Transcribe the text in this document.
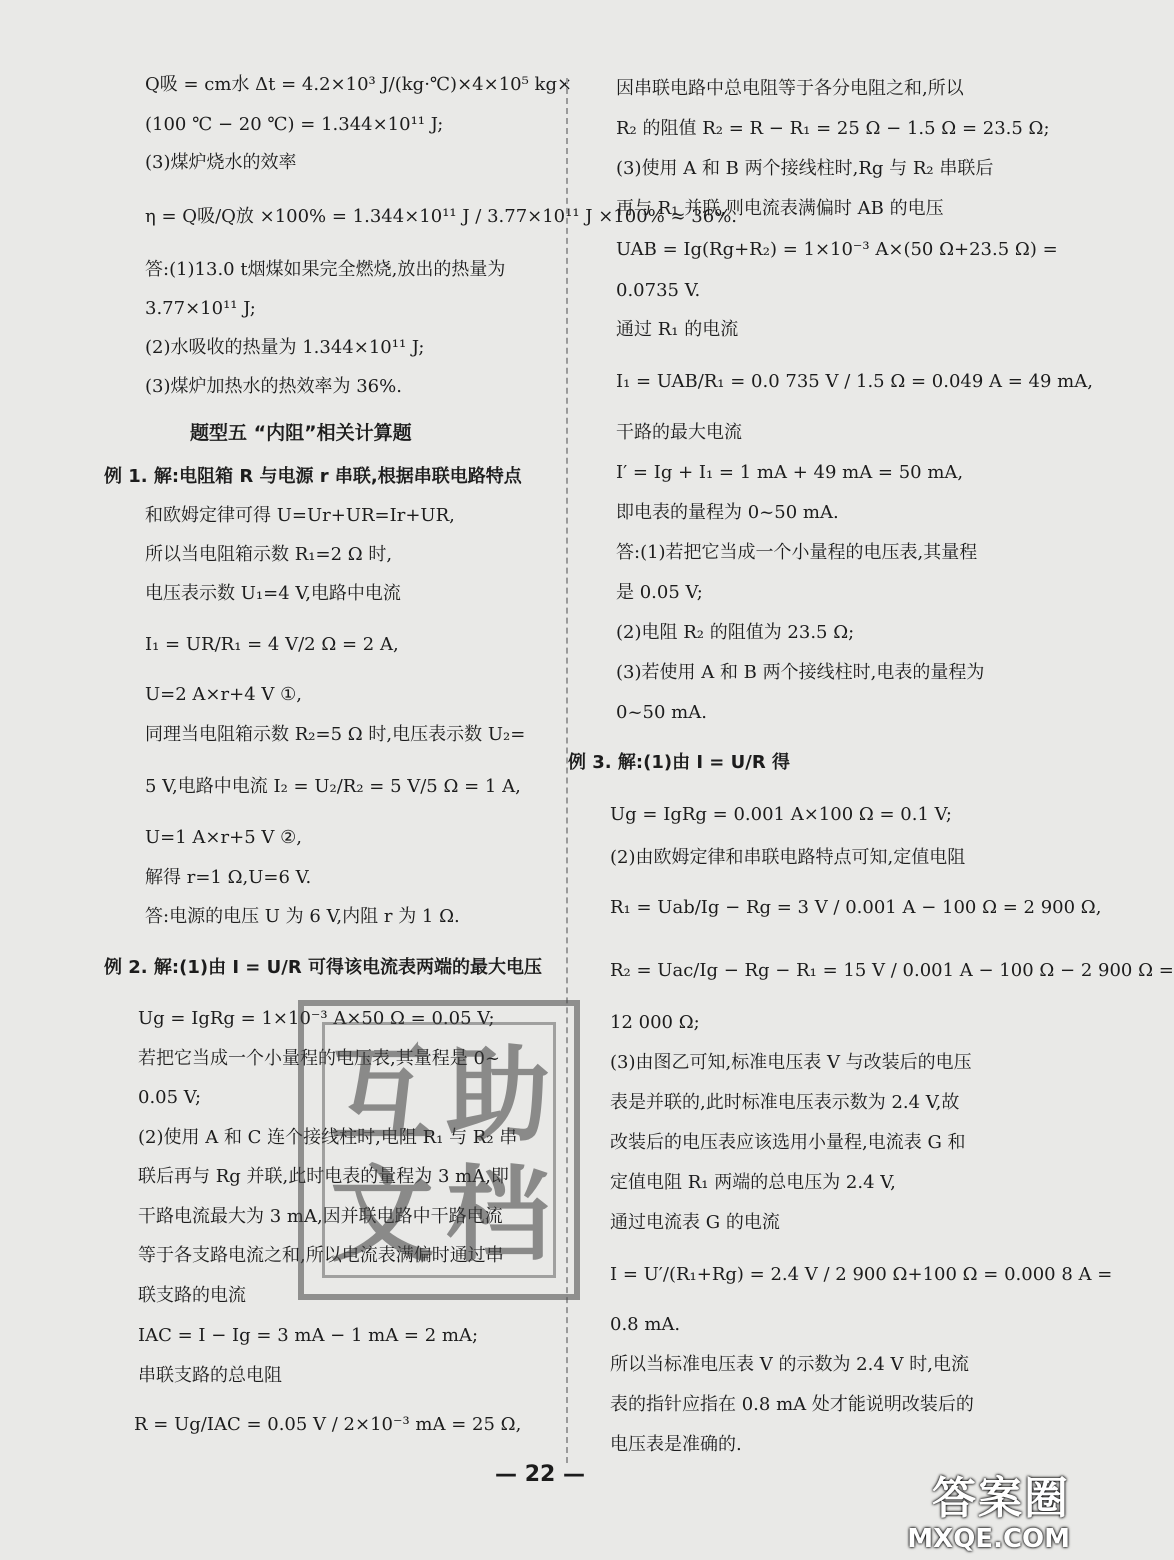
Q吸 = cm水 Δt = 4.2×10³ J/(kg·℃)×4×10⁵ kg×
(100 ℃ − 20 ℃) = 1.344×10¹¹ J;
(3)煤炉烧水的效率
η = Q吸/Q放 ×100% = 1.344×10¹¹ J / 3.77×10¹¹ J ×100% ≈ 36%.
答:(1)13.0 t烟煤如果完全燃烧,放出的热量为
3.77×10¹¹ J;
(2)水吸收的热量为 1.344×10¹¹ J;
(3)煤炉加热水的热效率为 36%.
题型五 “内阻”相关计算题
例 1. 解:电阻箱 R 与电源 r 串联,根据串联电路特点
和欧姆定律可得 U=Ur+UR=Ir+UR,
所以当电阻箱示数 R₁=2 Ω 时,
电压表示数 U₁=4 V,电路中电流
I₁ = UR/R₁ = 4 V/2 Ω = 2 A,
U=2 A×r+4 V ①,
同理当电阻箱示数 R₂=5 Ω 时,电压表示数 U₂=
5 V,电路中电流 I₂ = U₂/R₂ = 5 V/5 Ω = 1 A,
U=1 A×r+5 V ②,
解得 r=1 Ω,U=6 V.
答:电源的电压 U 为 6 V,内阻 r 为 1 Ω.
例 2. 解:(1)由 I = U/R 可得该电流表两端的最大电压
Ug = IgRg = 1×10⁻³ A×50 Ω = 0.05 V;
若把它当成一个小量程的电压表,其量程是 0~
0.05 V;
(2)使用 A 和 C 连个接线柱时,电阻 R₁ 与 R₂ 串
联后再与 Rg 并联,此时电表的量程为 3 mA,即
干路电流最大为 3 mA,因并联电路中干路电流
等于各支路电流之和,所以电流表满偏时通过串
联支路的电流
IAC = I − Ig = 3 mA − 1 mA = 2 mA;
串联支路的总电阻
R = Ug/IAC = 0.05 V / 2×10⁻³ mA = 25 Ω,
因串联电路中总电阻等于各分电阻之和,所以
R₂ 的阻值 R₂ = R − R₁ = 25 Ω − 1.5 Ω = 23.5 Ω;
(3)使用 A 和 B 两个接线柱时,Rg 与 R₂ 串联后
再与 R₁ 并联,则电流表满偏时 AB 的电压
UAB = Ig(Rg+R₂) = 1×10⁻³ A×(50 Ω+23.5 Ω) =
0.0735 V.
通过 R₁ 的电流
I₁ = UAB/R₁ = 0.0 735 V / 1.5 Ω = 0.049 A = 49 mA,
干路的最大电流
I′ = Ig + I₁ = 1 mA + 49 mA = 50 mA,
即电表的量程为 0~50 mA.
答:(1)若把它当成一个小量程的电压表,其量程
是 0.05 V;
(2)电阻 R₂ 的阻值为 23.5 Ω;
(3)若使用 A 和 B 两个接线柱时,电表的量程为
0~50 mA.
例 3. 解:(1)由 I = U/R 得
Ug = IgRg = 0.001 A×100 Ω = 0.1 V;
(2)由欧姆定律和串联电路特点可知,定值电阻
R₁ = Uab/Ig − Rg = 3 V / 0.001 A − 100 Ω = 2 900 Ω,
R₂ = Uac/Ig − Rg − R₁ = 15 V / 0.001 A − 100 Ω − 2 900 Ω =
12 000 Ω;
(3)由图乙可知,标准电压表 V 与改装后的电压
表是并联的,此时标准电压表示数为 2.4 V,故
改装后的电压表应该选用小量程,电流表 G 和
定值电阻 R₁ 两端的总电压为 2.4 V,
通过电流表 G 的电流
I = U′/(R₁+Rg) = 2.4 V / 2 900 Ω+100 Ω = 0.000 8 A =
0.8 mA.
所以当标准电压表 V 的示数为 2.4 V 时,电流
表的指针应指在 0.8 mA 处才能说明改装后的
电压表是准确的.
— 22 —
互 助
文 档
答案圈
MXQE.COM
